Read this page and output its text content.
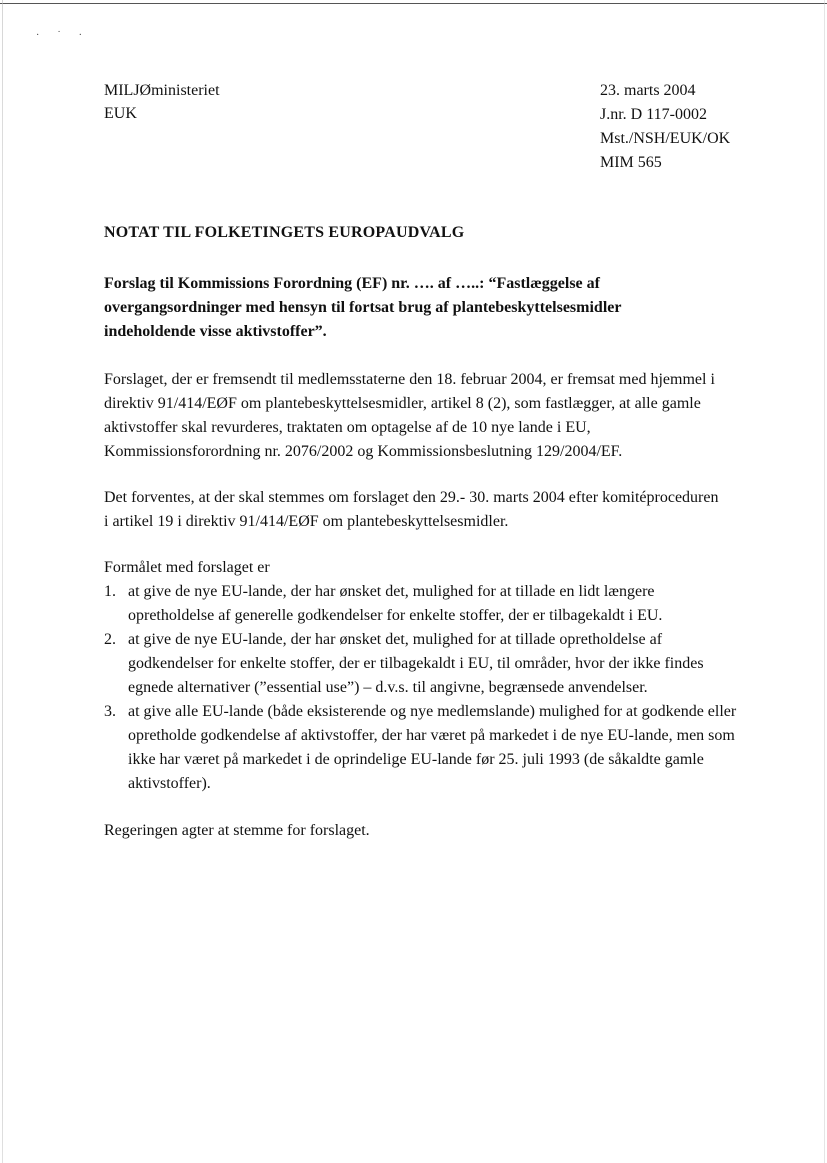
·˙·
MILJØministeriet
EUK
23. marts 2004
J.nr. D 117-0002
Mst./NSH/EUK/OK
MIM 565
NOTAT TIL FOLKETINGETS EUROPAUDVALG
Forslag til Kommissions Forordning (EF) nr. …. af …..: “Fastlæggelse af overgangsordninger med hensyn til fortsat brug af plantebeskyttelsesmidler indeholdende visse aktivstoffer”.
Forslaget, der er fremsendt til medlemsstaterne den 18. februar 2004, er fremsat med hjemmel i direktiv 91/414/EØF om plantebeskyttelsesmidler, artikel 8 (2), som fastlægger, at alle gamle aktivstoffer skal revurderes, traktaten om optagelse af de 10 nye lande i EU, Kommissionsforordning nr. 2076/2002 og Kommissionsbeslutning 129/2004/EF.
Det forventes, at der skal stemmes om forslaget den 29.- 30. marts 2004 efter komitéproceduren i artikel 19 i direktiv 91/414/EØF om plantebeskyttelsesmidler.
Formålet med forslaget er
1. at give de nye EU-lande, der har ønsket det, mulighed for at tillade en lidt længere opretholdelse af generelle godkendelser for enkelte stoffer, der er tilbagekaldt i EU.
2. at give de nye EU-lande, der har ønsket det, mulighed for at tillade opretholdelse af godkendelser for enkelte stoffer, der er tilbagekaldt i EU, til områder, hvor der ikke findes egnede alternativer (”essential use”) – d.v.s. til angivne, begrænsede anvendelser.
3. at give alle EU-lande (både eksisterende og nye medlemslande) mulighed for at godkende eller opretholde godkendelse af aktivstoffer, der har været på markedet i de nye EU-lande, men som ikke har været på markedet i de oprindelige EU-lande før 25. juli 1993 (de såkaldte gamle aktivstoffer).
Regeringen agter at stemme for forslaget.
